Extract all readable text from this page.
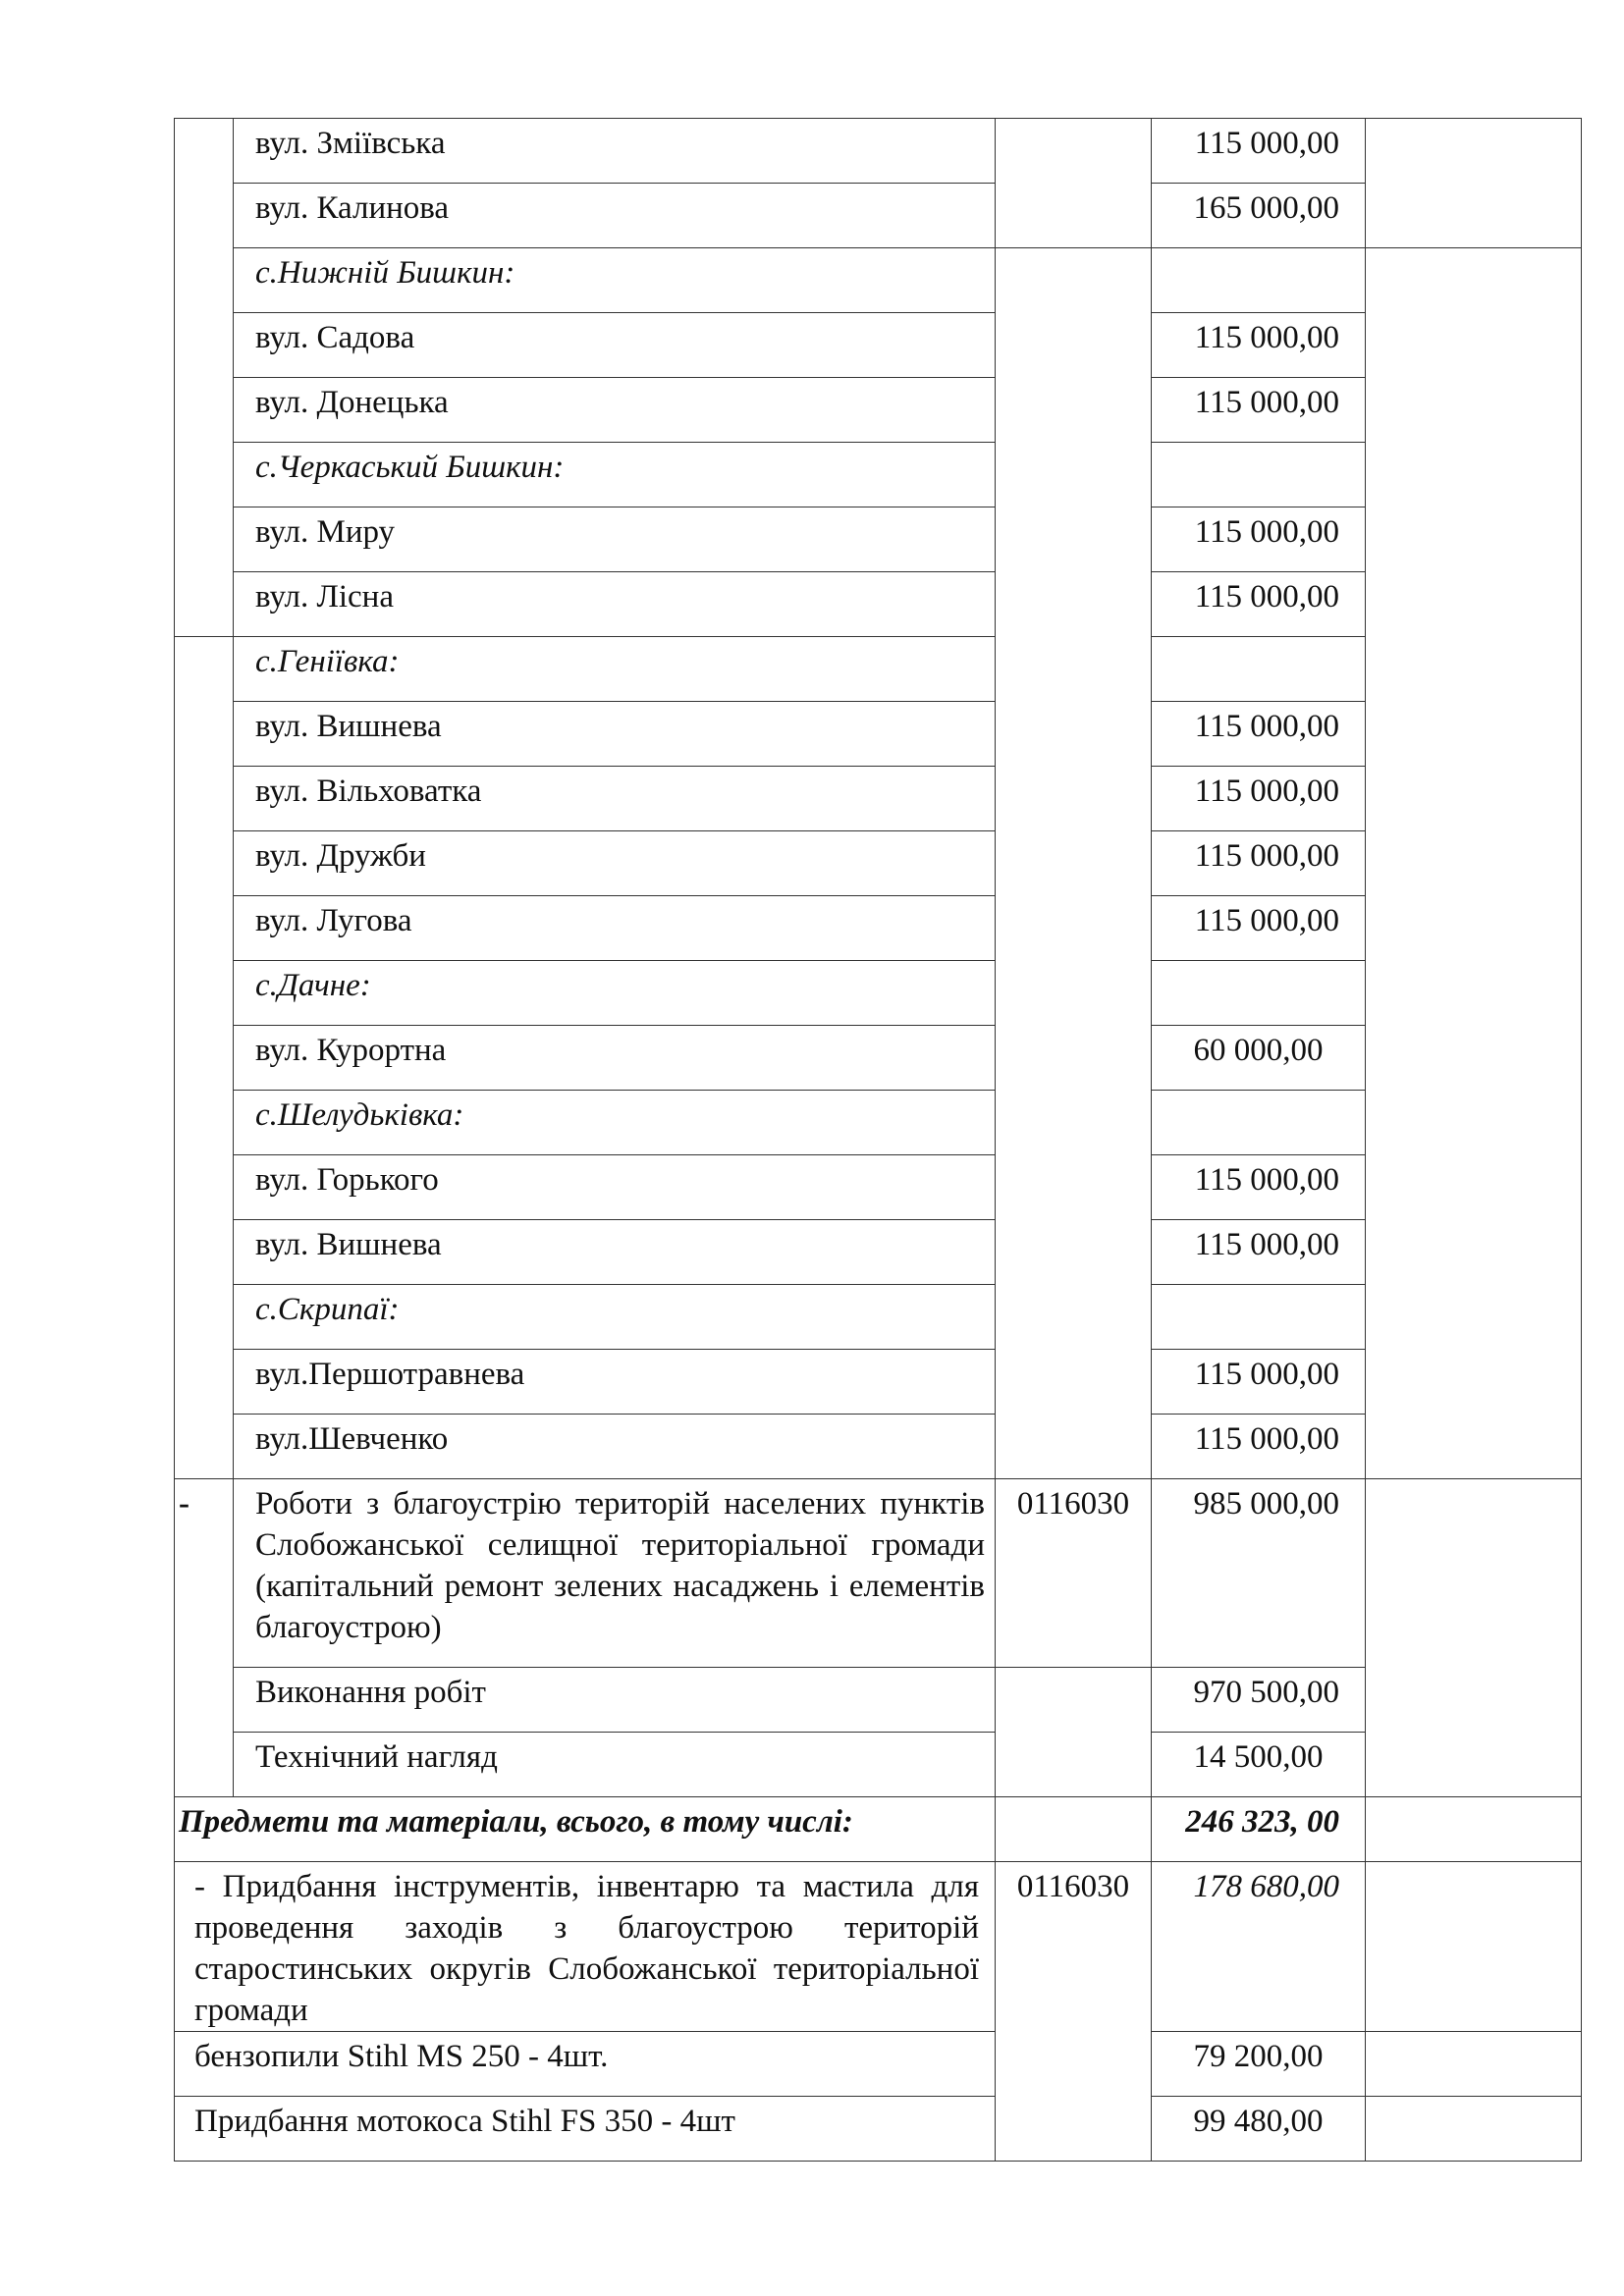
	вул. Зміївська		115 000,00	
	вул. Калинова		165 000,00	
	с.Нижній Бишкин:			
	вул. Садова		115 000,00	
	вул. Донецька		115 000,00	
	с.Черкаський Бишкин:			
	вул. Миру		115 000,00	
	вул. Лісна		115 000,00	
	с.Геніївка:			
	вул. Вишнева		115 000,00	
	вул. Вільховатка		115 000,00	
	вул. Дружби		115 000,00	
	вул. Лугова		115 000,00	
	с.Дачне:			
	вул. Курортна		60 000,00	
	с.Шелудьківка:			
	вул. Горького		115 000,00	
	вул. Вишнева		115 000,00	
	с.Скрипаї:			
	вул.Першотравнева		115 000,00	
	вул.Шевченко		115 000,00	
-	Роботи з благоустрію територій населених пунктів Слобожанської селищної територіальної громади (капітальний ремонт зелених насаджень і елементів благоустрою)	0116030	985 000,00	
	Виконання робіт		970 500,00	
	Технічний нагляд		14 500,00	
Предмети та матеріали, всього, в тому числі:			246 323, 00	
- Придбання інструментів, інвентарю та мастила для проведення заходів з благоустрою територій старостинських округів Слобожанської територіальної громади		0116030	178 680,00	
бензопили Stihl MS 250 - 4шт.			79 200,00	
Придбання мотокоса Stihl FS 350 - 4шт			99 480,00	
